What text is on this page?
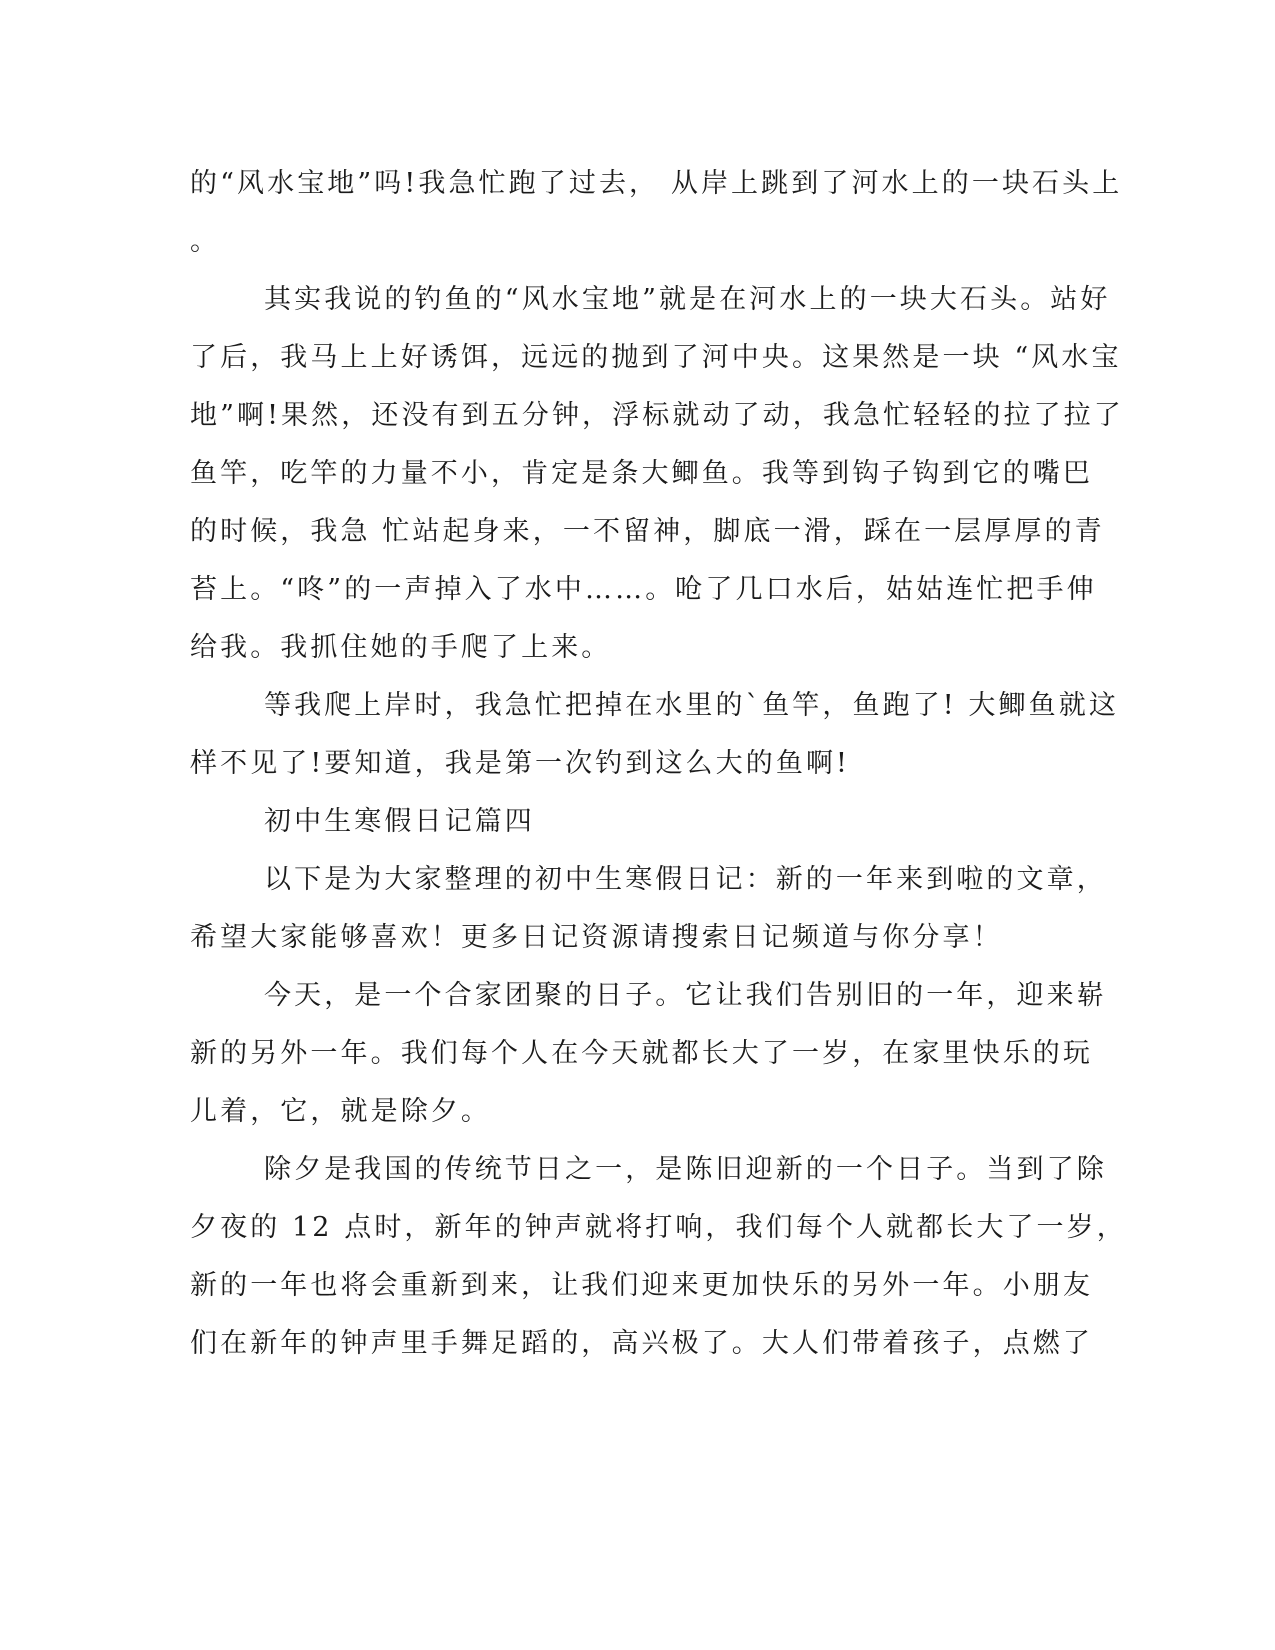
的“风水宝地”吗!我急忙跑了过去， 从岸上跳到了河水上的一块石头上
。
其实我说的钓鱼的“风水宝地”就是在河水上的一块大石头。站好
了后，我马上上好诱饵，远远的抛到了河中央。这果然是一块 “风水宝
地”啊!果然，还没有到五分钟，浮标就动了动，我急忙轻轻的拉了拉了
鱼竿，吃竿的力量不小，肯定是条大鲫鱼。我等到钩子钩到它的嘴巴
的时候，我急 忙站起身来，一不留神，脚底一滑，踩在一层厚厚的青
苔上。“咚”的一声掉入了水中……。呛了几口水后，姑姑连忙把手伸
给我。我抓住她的手爬了上来。
等我爬上岸时，我急忙把掉在水里的`鱼竿，鱼跑了! 大鲫鱼就这
样不见了!要知道，我是第一次钓到这么大的鱼啊!
初中生寒假日记篇四
以下是为大家整理的初中生寒假日记：新的一年来到啦的文章，
希望大家能够喜欢！更多日记资源请搜索日记频道与你分享！
今天，是一个合家团聚的日子。它让我们告别旧的一年，迎来崭
新的另外一年。我们每个人在今天就都长大了一岁，在家里快乐的玩
儿着，它，就是除夕。
除夕是我国的传统节日之一，是陈旧迎新的一个日子。当到了除
夕夜的 12 点时，新年的钟声就将打响，我们每个人就都长大了一岁，
新的一年也将会重新到来，让我们迎来更加快乐的另外一年。小朋友
们在新年的钟声里手舞足蹈的，高兴极了。大人们带着孩子，点燃了
